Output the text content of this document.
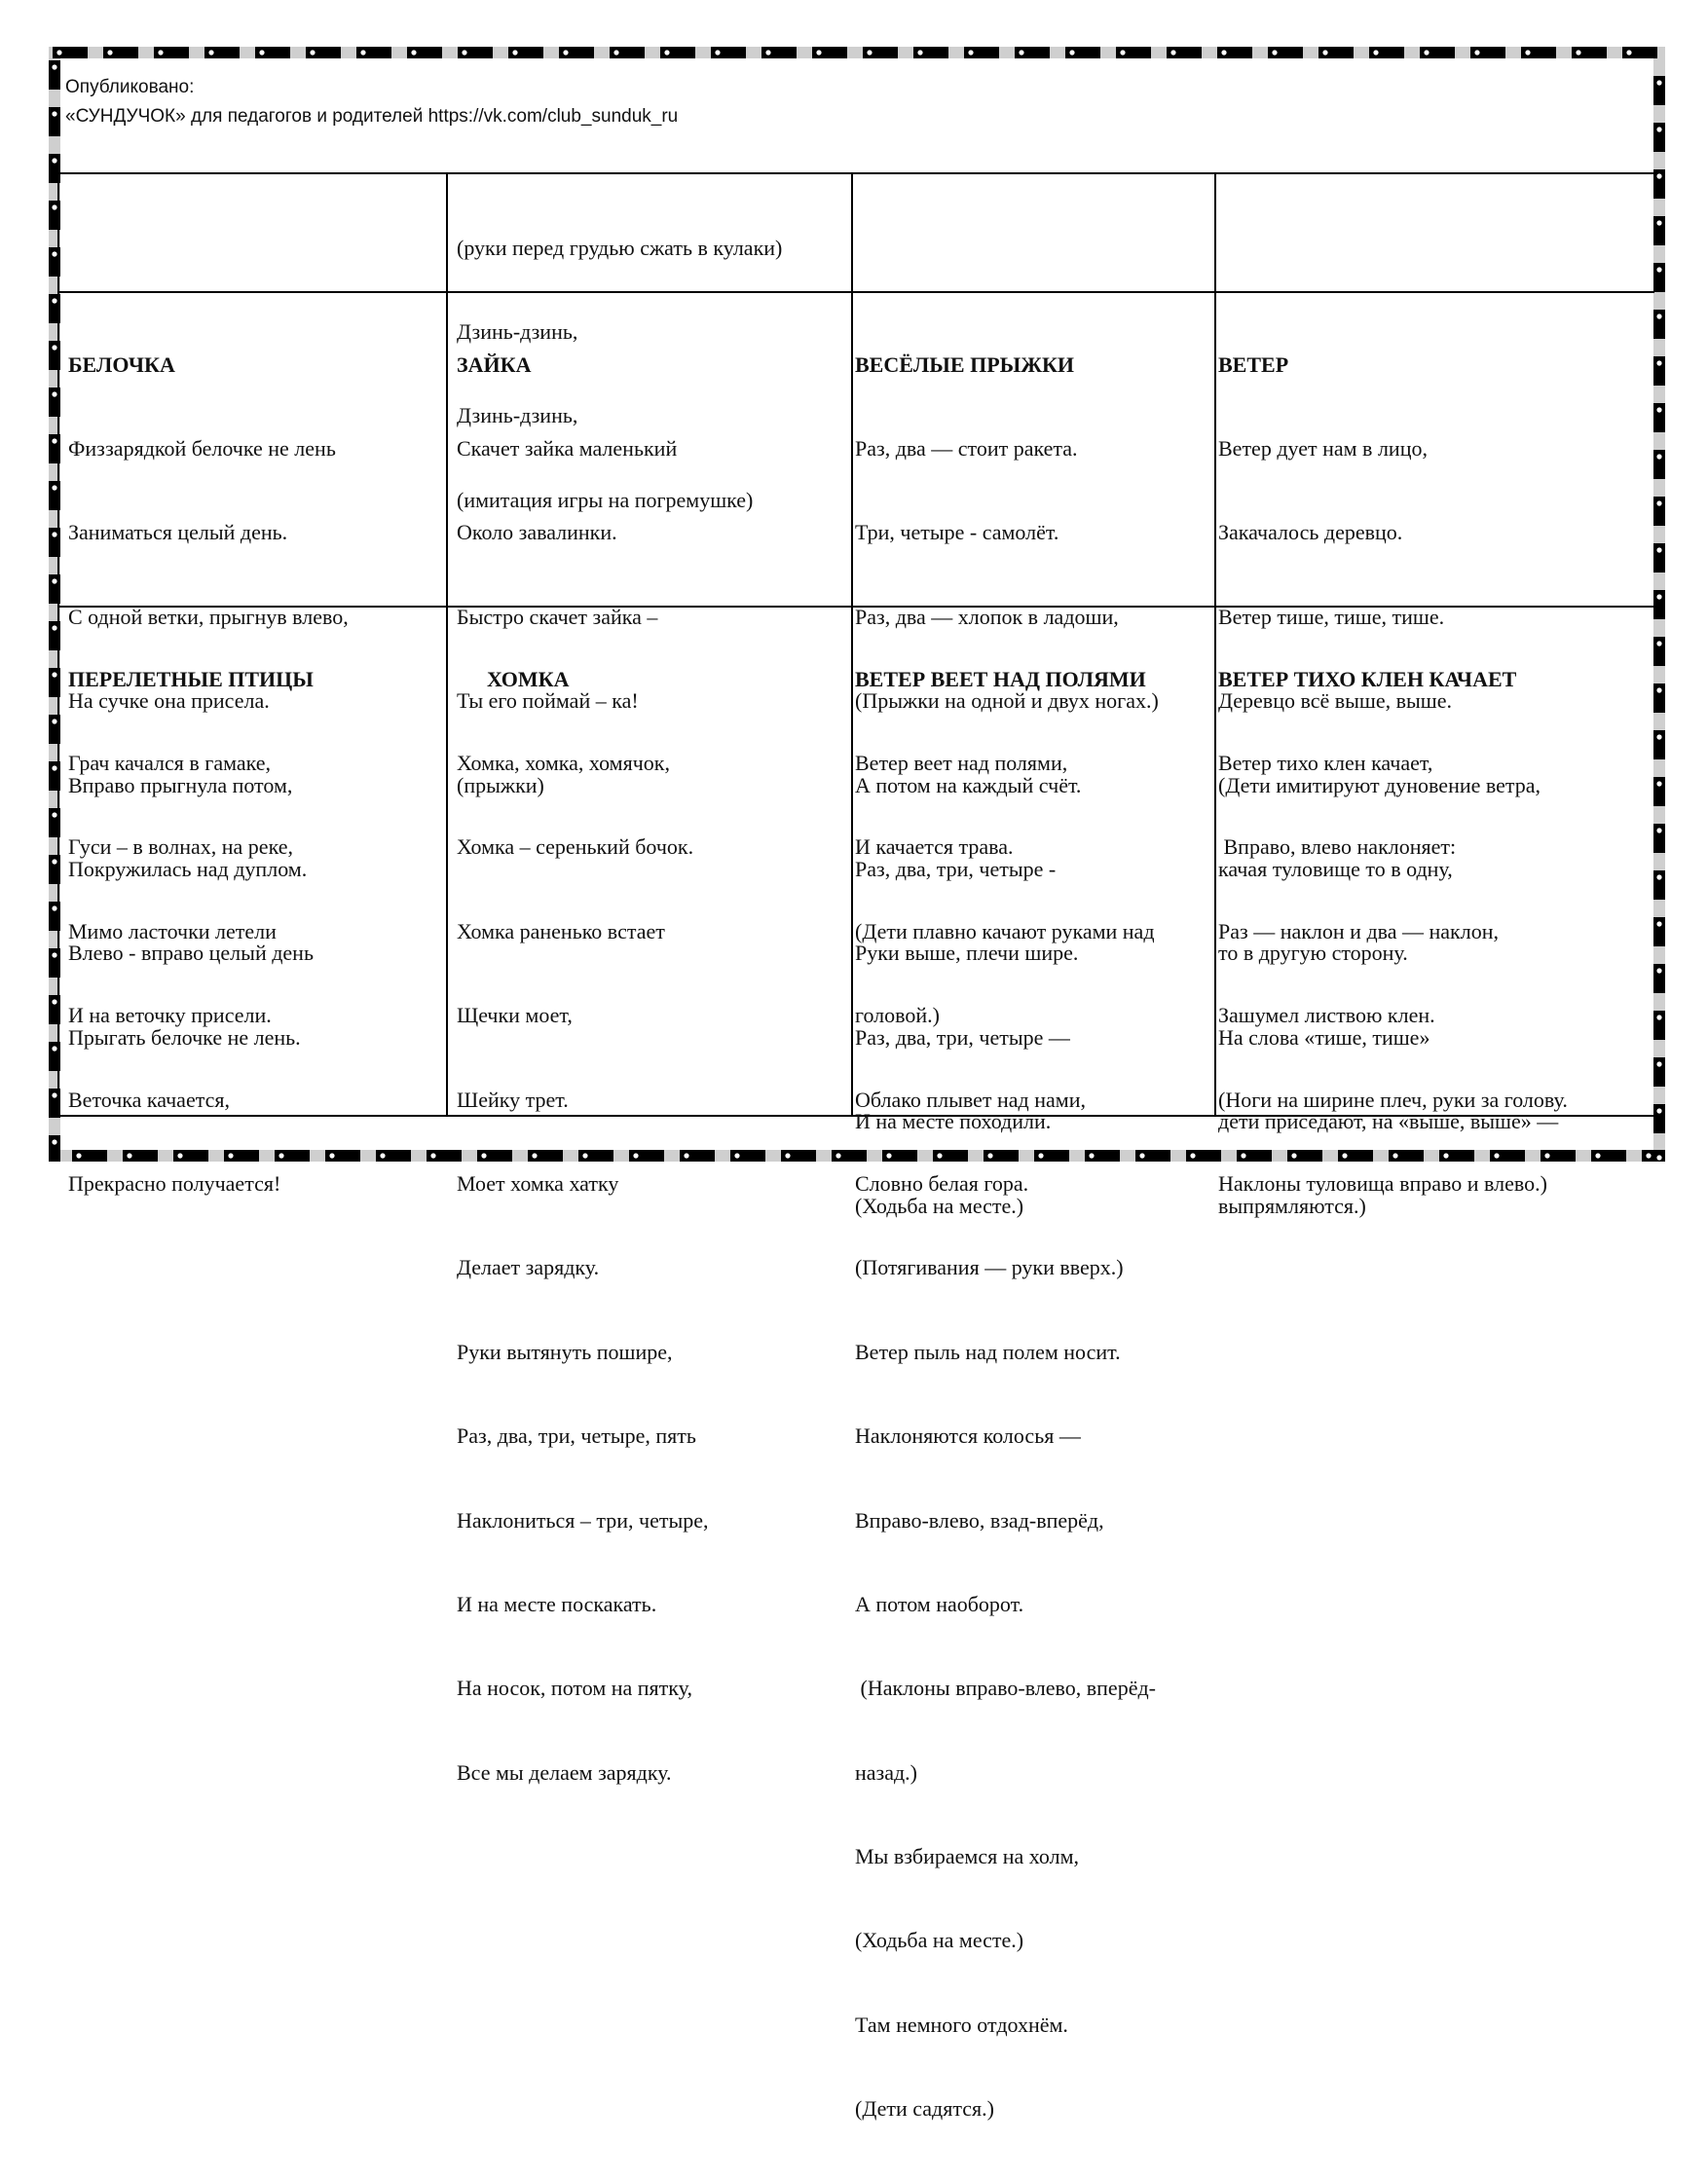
Опубликовано:
«СУНДУЧОК» для педагогов и родителей https://vk.com/club_sunduk_ru

(руки перед грудью сжать в кулаки)

Дзинь-дзинь,

Дзинь-дзинь,

(имитация игры на погремушке)

БЕЛОЧКА

Физзарядкой белочке не лень

Заниматься целый день.

С одной ветки, прыгнув влево,

На сучке она присела.

Вправо прыгнула потом,

Покружилась над дуплом.

Влево - вправо целый день

Прыгать белочке не лень.

ЗАЙКА

Скачет зайка маленький

Около завалинки.

Быстро скачет зайка –

Ты его поймай – ка!

(прыжки)

ВЕСЁЛЫЕ ПРЫЖКИ

Раз, два — стоит ракета.

Три, четыре - самолёт.

Раз, два — хлопок в ладоши,

(Прыжки на одной и двух ногах.)

А потом на каждый счёт.

Раз, два, три, четыре -

Руки выше, плечи шире.

Раз, два, три, четыре —

И на месте походили.

(Ходьба на месте.)

ВЕТЕР

Ветер дует нам в лицо,

Закачалось деревцо.

Ветер тише, тише, тише.

Деревцо всё выше, выше.

(Дети имитируют дуновение ветра,

качая туловище то в одну,

то в другую сторону.

На слова «тише, тише»

дети приседают, на «выше, выше» —

выпрямляются.)

ПЕРЕЛЕТНЫЕ ПТИЦЫ

Грач качался в гамаке,

Гуси – в волнах, на реке,

Мимо ласточки летели

И на веточку присели.

Веточка качается,

Прекрасно получается!

ХОМКА

Хомка, хомка, хомячок,

Хомка – серенький бочок.

Хомка раненько встает

Щечки моет,

Шейку трет.

Моет хомка хатку

Делает зарядку.

Руки вытянуть пошире,

Раз, два, три, четыре, пять

Наклониться – три, четыре,

И на месте поскакать.

На носок, потом на пятку,

Все мы делаем зарядку.

ВЕТЕР ВЕЕТ НАД ПОЛЯМИ

Ветер веет над полями,

И качается трава.

(Дети плавно качают руками над

головой.)

Облако плывет над нами,

Словно белая гора.

(Потягивания — руки вверх.)

Ветер пыль над полем носит.

Наклоняются колосья —

Вправо-влево, взад-вперёд,

А потом наоборот.

(Наклоны вправо-влево, вперёд-

назад.)

Мы взбираемся на холм,

(Ходьба на месте.)

Там немного отдохнём.

(Дети садятся.)

ВЕТЕР ТИХО КЛЕН КАЧАЕТ

Ветер тихо клен качает,

Вправо, влево наклоняет:

Раз — наклон и два — наклон,

Зашумел листвою клен.

(Ноги на ширине плеч, руки за голову.

Наклоны туловища вправо и влево.)
